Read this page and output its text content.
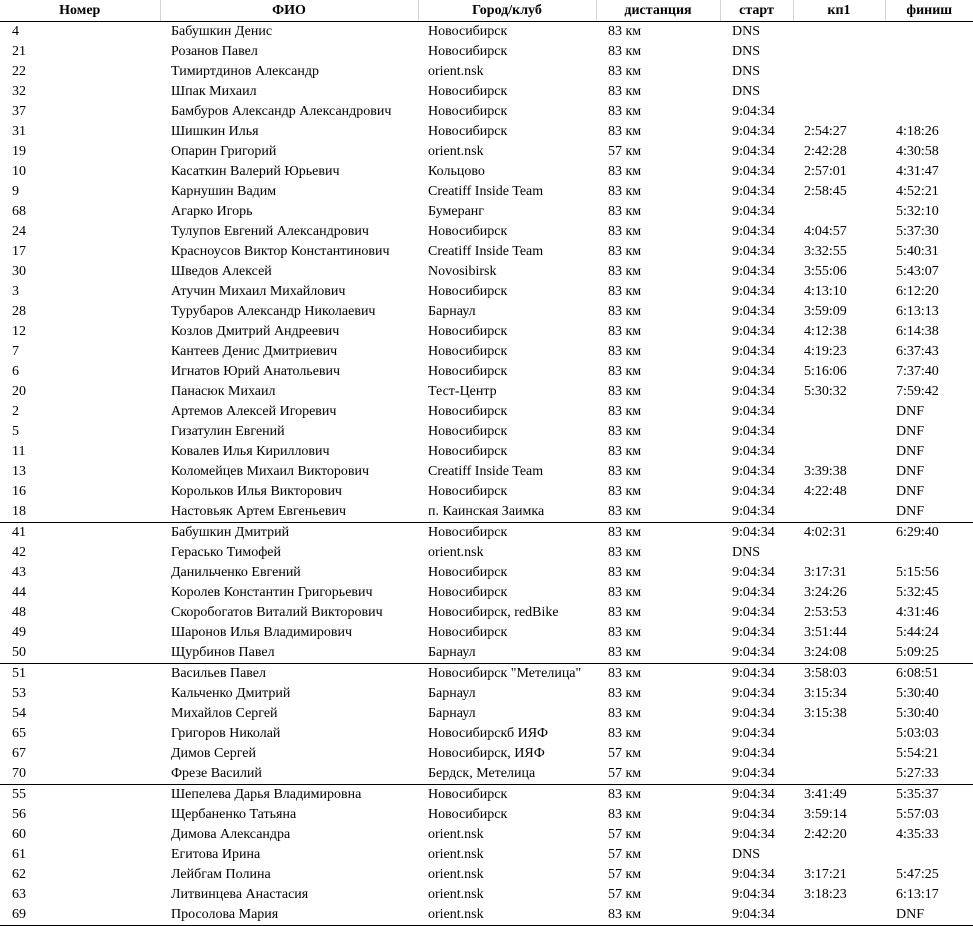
Номер	ФИО	Город/клуб	дистанция	старт	кп1	финиш
4	Бабушкин Денис	Новосибирск	83 км	DNS		
21	Розанов Павел	Новосибирск	83 км	DNS		
22	Тимиртдинов Александр	orient.nsk	83 км	DNS		
32	Шпак Михаил	Новосибирск	83 км	DNS		
37	Бамбуров Александр Александрович	Новосибирск	83 км	9:04:34		
31	Шишкин Илья	Новосибирск	83 км	9:04:34	2:54:27	4:18:26
19	Опарин Григорий	orient.nsk	57 км	9:04:34	2:42:28	4:30:58
10	Касаткин Валерий Юрьевич	Кольцово	83 км	9:04:34	2:57:01	4:31:47
9	Карнушин Вадим	Creatiff Inside Team	83 км	9:04:34	2:58:45	4:52:21
68	Агарко Игорь	Бумеранг	83 км	9:04:34		5:32:10
24	Тулупов Евгений Александрович	Новосибирск	83 км	9:04:34	4:04:57	5:37:30
17	Красноусов Виктор Константинович	Creatiff Inside Team	83 км	9:04:34	3:32:55	5:40:31
30	Шведов Алексей	Novosibirsk	83 км	9:04:34	3:55:06	5:43:07
3	Атучин Михаил Михайлович	Новосибирск	83 км	9:04:34	4:13:10	6:12:20
28	Турубаров Александр Николаевич	Барнаул	83 км	9:04:34	3:59:09	6:13:13
12	Козлов Дмитрий Андреевич	Новосибирск	83 км	9:04:34	4:12:38	6:14:38
7	Кантеев Денис Дмитриевич	Новосибирск	83 км	9:04:34	4:19:23	6:37:43
6	Игнатов Юрий Анатольевич	Новосибирск	83 км	9:04:34	5:16:06	7:37:40
20	Панасюк Михаил	Тест-Центр	83 км	9:04:34	5:30:32	7:59:42
2	Артемов Алексей Игоревич	Новосибирск	83 км	9:04:34		DNF
5	Гизатулин Евгений	Новосибирск	83 км	9:04:34		DNF
11	Ковалев Илья Кириллович	Новосибирск	83 км	9:04:34		DNF
13	Коломейцев Михаил Викторович	Creatiff Inside Team	83 км	9:04:34	3:39:38	DNF
16	Корольков Илья Викторович	Новосибирск	83 км	9:04:34	4:22:48	DNF
18	Настовьяк Артем Евгеньевич	п. Каинская Заимка	83 км	9:04:34		DNF
41	Бабушкин Дмитрий	Новосибирск	83 км	9:04:34	4:02:31	6:29:40
42	Герасько Тимофей	orient.nsk	83 км	DNS		
43	Данильченко Евгений	Новосибирск	83 км	9:04:34	3:17:31	5:15:56
44	Королев Константин Григорьевич	Новосибирск	83 км	9:04:34	3:24:26	5:32:45
48	Скоробогатов Виталий Викторович	Новосибирск, redBike	83 км	9:04:34	2:53:53	4:31:46
49	Шаронов Илья Владимирович	Новосибирск	83 км	9:04:34	3:51:44	5:44:24
50	Щурбинов Павел	Барнаул	83 км	9:04:34	3:24:08	5:09:25
51	Васильев Павел	Новосибирск "Метелица"	83 км	9:04:34	3:58:03	6:08:51
53	Кальченко Дмитрий	Барнаул	83 км	9:04:34	3:15:34	5:30:40
54	Михайлов Сергей	Барнаул	83 км	9:04:34	3:15:38	5:30:40
65	Григоров Николай	Новосибирскб ИЯФ	83 км	9:04:34		5:03:03
67	Димов Сергей	Новосибирск, ИЯФ	57 км	9:04:34		5:54:21
70	Фрезе Василий	Бердск, Метелица	57 км	9:04:34		5:27:33
55	Шепелева Дарья Владимировна	Новосибирск	83 км	9:04:34	3:41:49	5:35:37
56	Щербаненко Татьяна	Новосибирск	83 км	9:04:34	3:59:14	5:57:03
60	Димова Александра	orient.nsk	57 км	9:04:34	2:42:20	4:35:33
61	Егитова Ирина	orient.nsk	57 км	DNS		
62	Лейбгам Полина	orient.nsk	57 км	9:04:34	3:17:21	5:47:25
63	Литвинцева Анастасия	orient.nsk	57 км	9:04:34	3:18:23	6:13:17
69	Просолова Мария	orient.nsk	83 км	9:04:34		DNF
